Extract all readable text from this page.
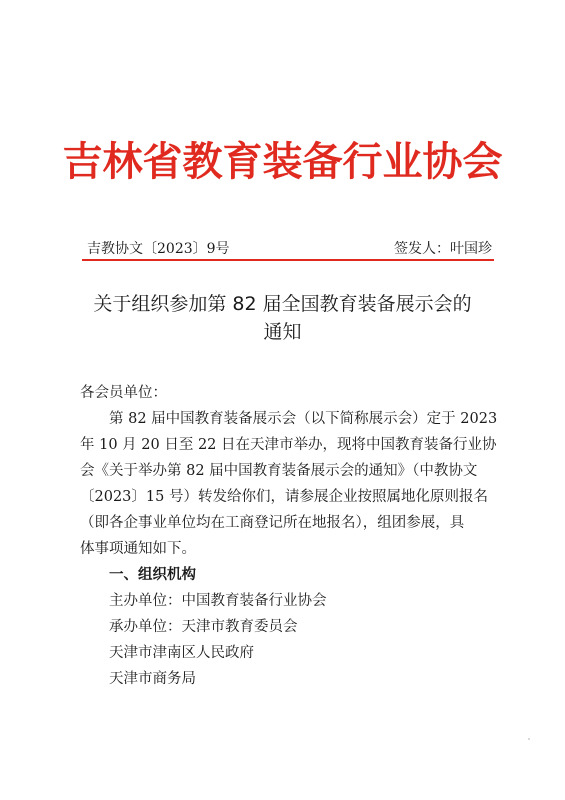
吉林省教育装备行业协会
吉教协文〔2023〕9号	签发人：叶国珍
关于组织参加第 82 届全国教育装备展示会的
通知
各会员单位：
第 82 届中国教育装备展示会（以下简称展示会）定于 2023
年 10 月 20 日至 22 日在天津市举办，现将中国教育装备行业协
会《关于举办第 82 届中国教育装备展示会的通知》（中教协文
〔2023〕15 号）转发给你们，请参展企业按照属地化原则报名
（即各企事业单位均在工商登记所在地报名），组团参展，具
体事项通知如下。
一、组织机构
主办单位：中国教育装备行业协会
承办单位：天津市教育委员会
天津市津南区人民政府
天津市商务局
